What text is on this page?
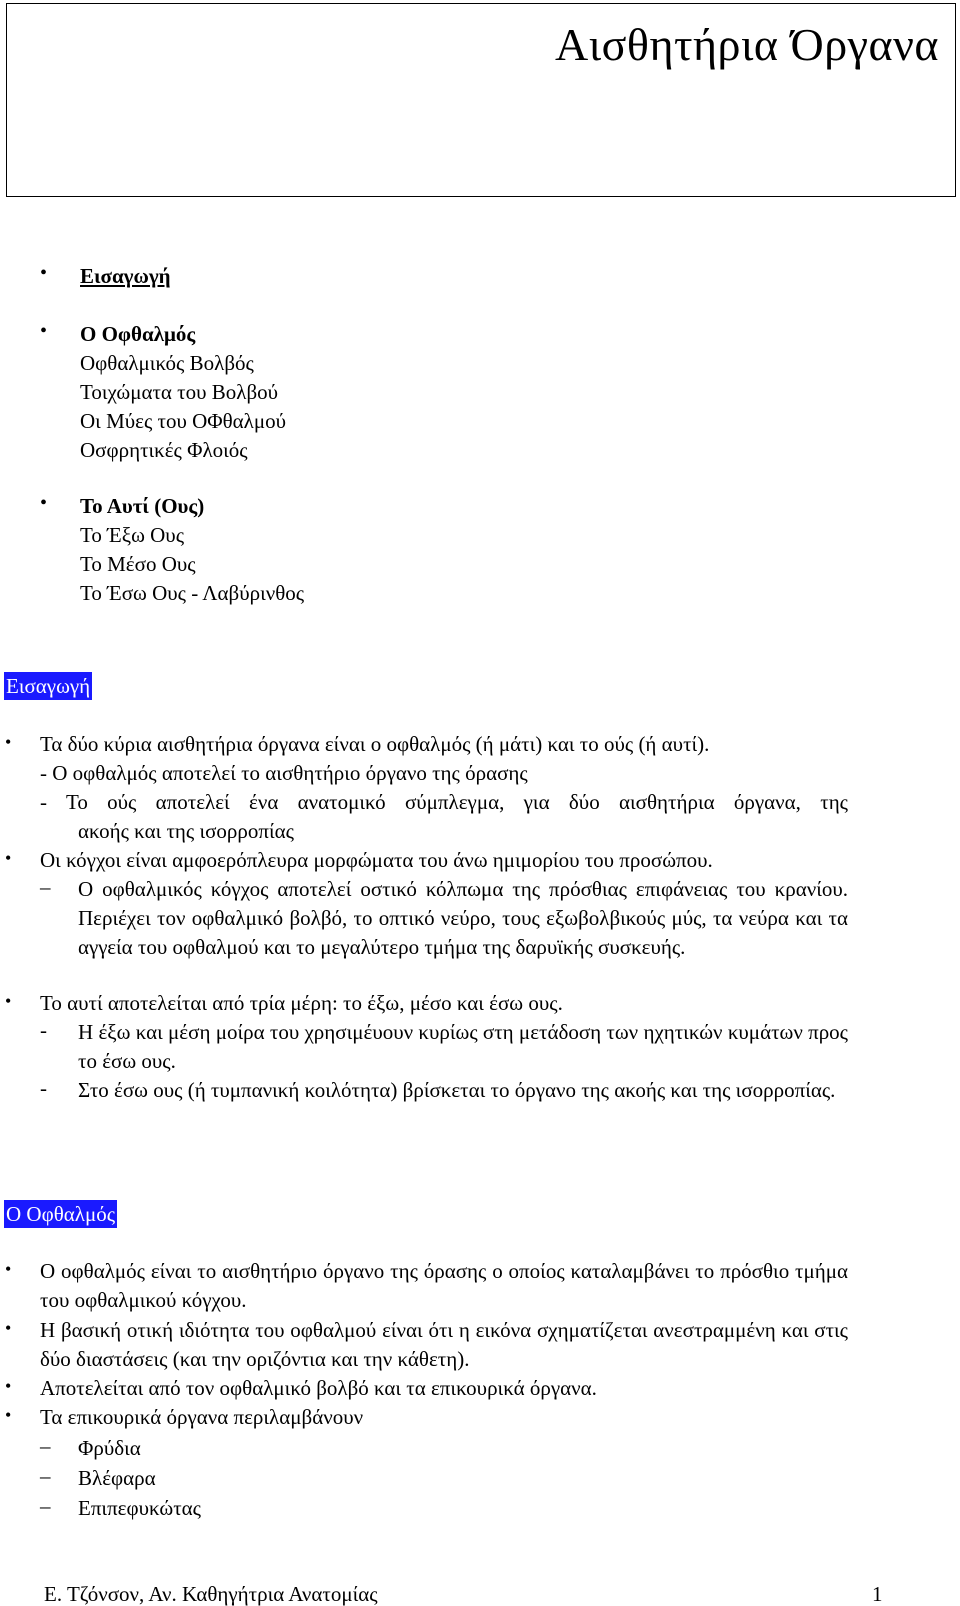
Αισθητήρια Όργανα
• Εισαγωγή
• Ο Οφθαλμός
Οφθαλμικός Βολβός
Τοιχώματα του Βολβού
Οι Μύες του ΟΦθαλμού
Οσφρητικές Φλοιός
• Το Αυτί (Ους)
Το Έξω Ους
Το Μέσο Ους
Το Έσω Ους - Λαβύρινθος
Εισαγωγή
• Τα δύο κύρια αισθητήρια όργανα είναι ο οφθαλμός (ή μάτι) και το ούς (ή αυτί).
- Ο οφθαλμός αποτελεί το αισθητήριο όργανο της όρασης
- Το ούς αποτελεί ένα ανατομικό σύμπλεγμα, για δύο αισθητήρια όργανα, της
ακοής και της ισορροπίας
• Οι κόγχοι είναι αμφοερόπλευρα μορφώματα του άνω ημιμορίου του προσώπου.
– Ο οφθαλμικός κόγχος αποτελεί οστικό κόλπωμα της πρόσθιας επιφάνειας του κρανίου. Περιέχει τον οφθαλμικό βολβό, το οπτικό νεύρο, τους εξωβολβικούς μύς, τα νεύρα και τα αγγεία του οφθαλμού και το μεγαλύτερο τμήμα της δαρυϊκής συσκευής.
• Το αυτί αποτελείται από τρία μέρη: το έξω, μέσο και έσω ους.
- Η έξω και μέση μοίρα του χρησιμέυουν κυρίως στη μετάδοση των ηχητικών κυμάτων προς το έσω ους.
- Στο έσω ους (ή τυμπανική κοιλότητα) βρίσκεται το όργανο της ακοής και της ισορροπίας.
Ο Οφθαλμός
• Ο οφθαλμός είναι το αισθητήριο όργανο της όρασης ο οποίος καταλαμβάνει το πρόσθιο τμήμα του οφθαλμικού κόγχου.
• Η βασική οτική ιδιότητα του οφθαλμού είναι ότι η εικόνα σχηματίζεται ανεστραμμένη και στις δύο διαστάσεις (και την οριζόντια και την κάθετη).
• Αποτελείται από τον οφθαλμικό βολβό και τα επικουρικά όργανα.
• Τα επικουρικά όργανα περιλαμβάνουν
– Φρύδια
– Βλέφαρα
– Επιπεφυκώτας
Ε. Τζόνσον, Αν. Καθηγήτρια Ανατομίας	1
